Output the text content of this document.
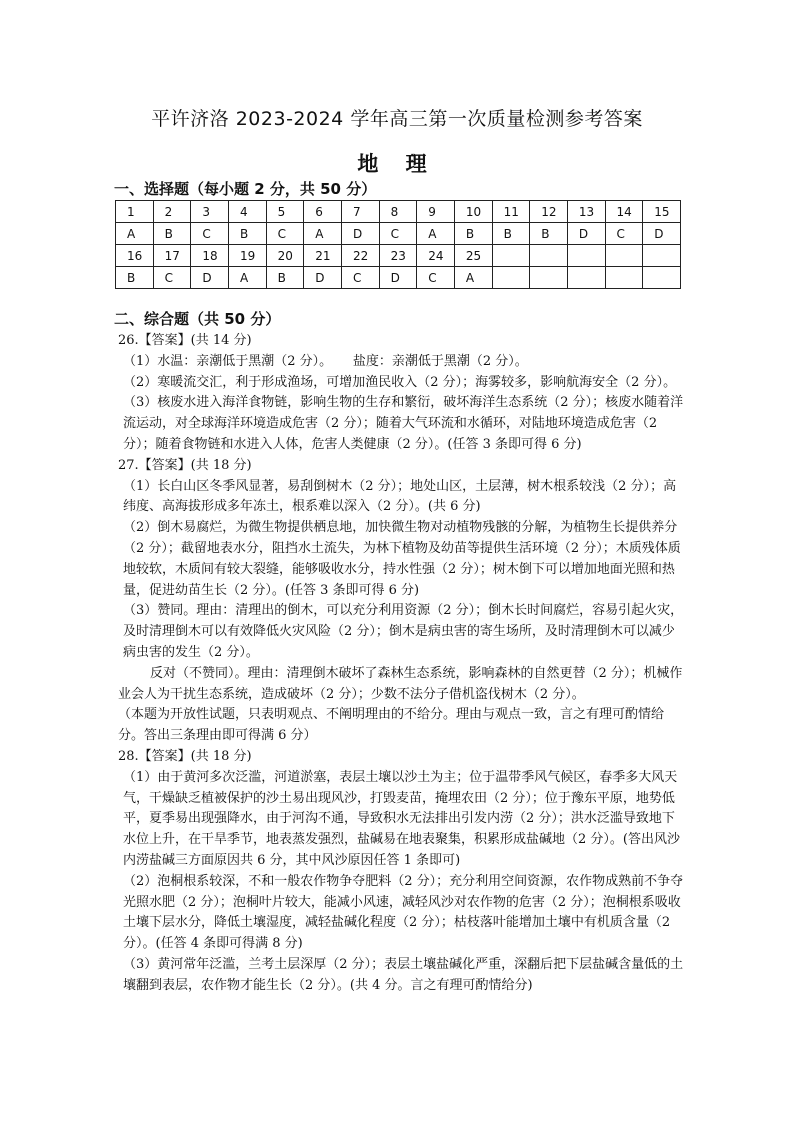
平许济洛 2023-2024 学年高三第一次质量检测参考答案
地 理
一、选择题（每小题 2 分，共 50 分）
1	2	3	4	5	6	7	8	9	10	11	12	13	14	15
A	B	C	B	C	A	D	C	A	B	B	B	D	C	D
16	17	18	19	20	21	22	23	24	25					
B	C	D	A	B	D	C	D	C	A					
二、综合题（共 50 分）

26.【答案】(共 14 分)

（1）水温：亲潮低于黑潮（2 分）。     盐度：亲潮低于黑潮（2 分）。

（2）寒暖流交汇，利于形成渔场，可增加渔民收入（2 分）；海雾较多，影响航海安全（2 分）。

（3）核废水进入海洋食物链，影响生物的生存和繁衍，破坏海洋生态系统（2 分）；核废水随着洋流运动，对全球海洋环境造成危害（2 分）；随着大气环流和水循环，对陆地环境造成危害（2 分）；随着食物链和水进入人体，危害人类健康（2 分）。(任答 3 条即可得 6 分)

27.【答案】(共 18 分)

（1）长白山区冬季风显著，易刮倒树木（2 分）；地处山区，土层薄，树木根系较浅（2 分）；高纬度、高海拔形成多年冻土，根系难以深入（2 分）。(共 6 分)

（2）倒木易腐烂，为微生物提供栖息地，加快微生物对动植物残骸的分解，为植物生长提供养分（2 分）；截留地表水分，阻挡水土流失，为林下植物及幼苗等提供生活环境（2 分）；木质残体质地较软，木质间有较大裂缝，能够吸收水分，持水性强（2 分）；树木倒下可以增加地面光照和热量，促进幼苗生长（2 分）。(任答 3 条即可得 6 分)

（3）赞同。理由：清理出的倒木，可以充分利用资源（2 分）；倒木长时间腐烂，容易引起火灾，及时清理倒木可以有效降低火灾风险（2 分）；倒木是病虫害的寄生场所，及时清理倒木可以减少病虫害的发生（2 分）。

反对（不赞同）。理由：清理倒木破坏了森林生态系统，影响森林的自然更替（2 分）；机械作业会人为干扰生态系统，造成破坏（2 分）；少数不法分子借机盗伐树木（2 分）。

（本题为开放性试题，只表明观点、不阐明理由的不给分。理由与观点一致，言之有理可酌情给分。答出三条理由即可得满 6 分）

28.【答案】(共 18 分)

（1）由于黄河多次泛滥，河道淤塞，表层土壤以沙土为主；位于温带季风气候区，春季多大风天气，干燥缺乏植被保护的沙土易出现风沙，打毁麦苗，掩埋农田（2 分）；位于豫东平原，地势低平，夏季易出现强降水，由于河沟不通，导致积水无法排出引发内涝（2 分）；洪水泛滥导致地下水位上升，在干旱季节，地表蒸发强烈，盐碱易在地表聚集，积累形成盐碱地（2 分）。(答出风沙内涝盐碱三方面原因共 6 分，其中风沙原因任答 1 条即可)

（2）泡桐根系较深，不和一般农作物争夺肥料（2 分）；充分利用空间资源，农作物成熟前不争夺光照水肥（2 分）；泡桐叶片较大，能减小风速，减轻风沙对农作物的危害（2 分）；泡桐根系吸收土壤下层水分，降低土壤湿度，减轻盐碱化程度（2 分）；枯枝落叶能增加土壤中有机质含量（2 分）。(任答 4 条即可得满 8 分)

（3）黄河常年泛滥，兰考土层深厚（2 分）；表层土壤盐碱化严重，深翻后把下层盐碱含量低的土壤翻到表层，农作物才能生长（2 分）。(共 4 分。言之有理可酌情给分)
